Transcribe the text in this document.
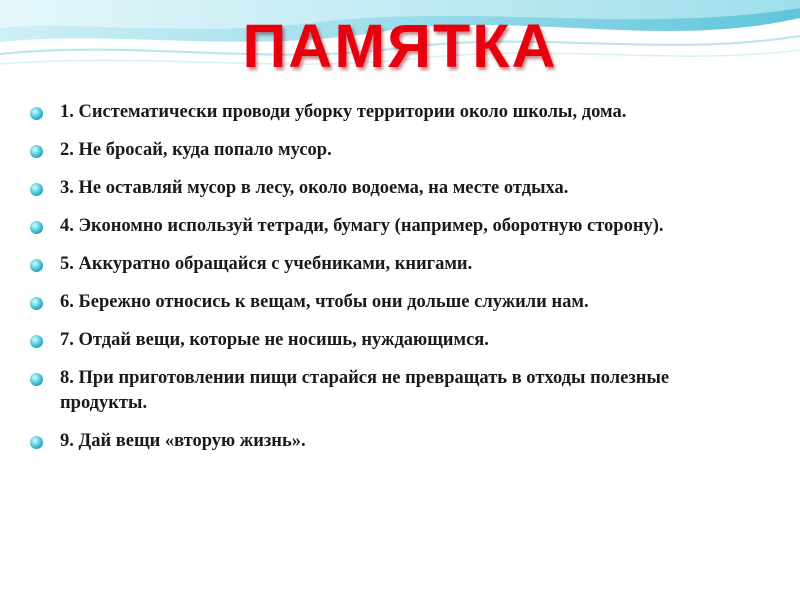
ПАМЯТКА
1. Систематически проводи уборку территории около школы, дома.
2. Не бросай, куда попало мусор.
3. Не оставляй мусор в лесу, около водоема, на месте отдыха.
4. Экономно используй тетради, бумагу (например, оборотную сторону).
5. Аккуратно обращайся с учебниками, книгами.
6. Бережно относись к вещам, чтобы они дольше служили нам.
7. Отдай вещи, которые не носишь, нуждающимся.
8. При приготовлении пищи старайся не превращать в отходы полезные продукты.
9. Дай вещи «вторую жизнь».
